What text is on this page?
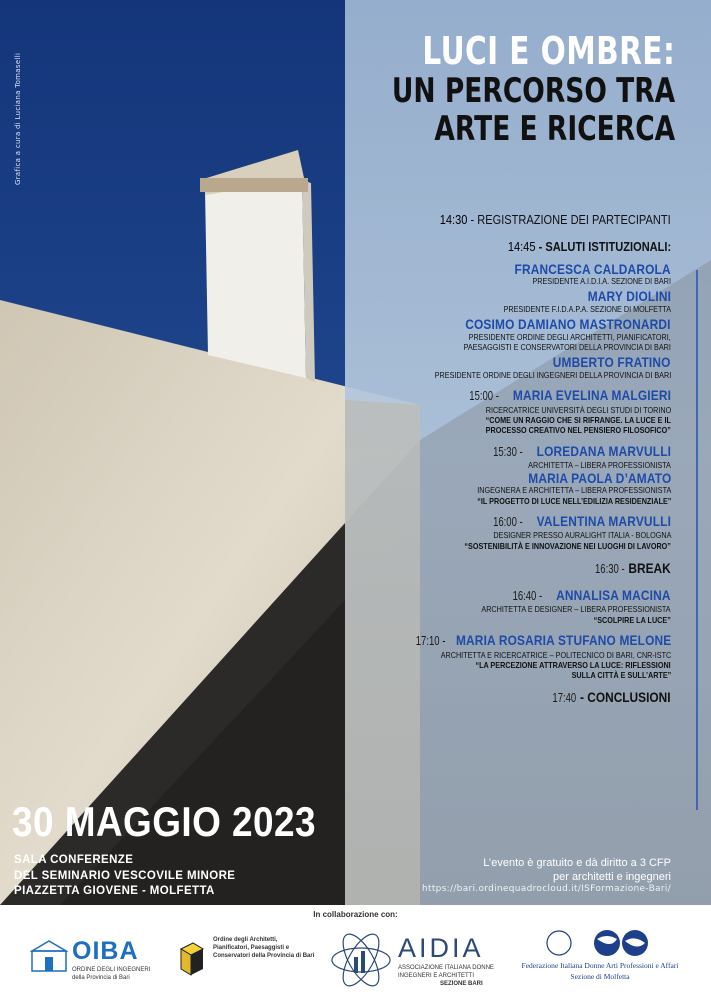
Grafica a cura di Luciana Tomaselli
LUCI E OMBRE:
UN PERCORSO TRA
ARTE E RICERCA
14:30 - REGISTRAZIONE DEI PARTECIPANTI
14:45 - SALUTI ISTITUZIONALI:
FRANCESCA CALDAROLA
PRESIDENTE A.I.D.I.A. SEZIONE DI BARI
MARY DIOLINI
PRESIDENTE F.I.D.A.P.A. SEZIONE DI MOLFETTA
COSIMO DAMIANO MASTRONARDI
PRESIDENTE ORDINE DEGLI ARCHITETTI, PIANIFICATORI,
PAESAGGISTI E CONSERVATORI DELLA PROVINCIA DI BARI
UMBERTO FRATINO
PRESIDENTE ORDINE DEGLI INGEGNERI DELLA PROVINCIA DI BARI
15:00 - MARIA EVELINA MALGIERI
RICERCATRICE UNIVERSITÀ DEGLI STUDI DI TORINO
“COME UN RAGGIO CHE SI RIFRANGE. LA LUCE E IL
PROCESSO CREATIVO NEL PENSIERO FILOSOFICO”
15:30 - LOREDANA MARVULLI
ARCHITETTA – LIBERA PROFESSIONISTA
MARIA PAOLA D’AMATO
INGEGNERA E ARCHITETTA – LIBERA PROFESSIONISTA
“IL PROGETTO DI LUCE NELL’EDILIZIA RESIDENZIALE”
16:00 - VALENTINA MARVULLI
DESIGNER PRESSO AURALIGHT ITALIA - BOLOGNA
“SOSTENIBILITÀ E INNOVAZIONE NEI LUOGHI DI LAVORO”
16:30 - BREAK
16:40 - ANNALISA MACINA
ARCHITETTA E DESIGNER – LIBERA PROFESSIONISTA
“SCOLPIRE LA LUCE”
17:10 - MARIA ROSARIA STUFANO MELONE
ARCHITETTA E RICERCATRICE – POLITECNICO DI BARI, CNR-ISTC
“LA PERCEZIONE ATTRAVERSO LA LUCE: RIFLESSIONI
SULLA CITTÀ E SULL’ARTE”
17:40 - CONCLUSIONI
30 MAGGIO 2023
SALA CONFERENZE
DEL SEMINARIO VESCOVILE MINORE
PIAZZETTA GIOVENE - MOLFETTA
L’evento è gratuito e dà diritto a 3 CFP
per architetti e ingegneri
https://bari.ordinequadrocloud.it/ISFormazione-Bari/
In collaborazione con:
OIBA
ORDINE DEGLI INGEGNERI
della Provincia di Bari
Ordine degli Architetti,
Pianificatori, Paesaggisti e
Conservatori della Provincia di Bari	AIDIA
ASSOCIAZIONE ITALIANA DONNE
INGEGNERI E ARCHITETTI
SEZIONE BARI
Federazione Italiana Donne Arti Professioni e Affari
Sezione di Molfetta
